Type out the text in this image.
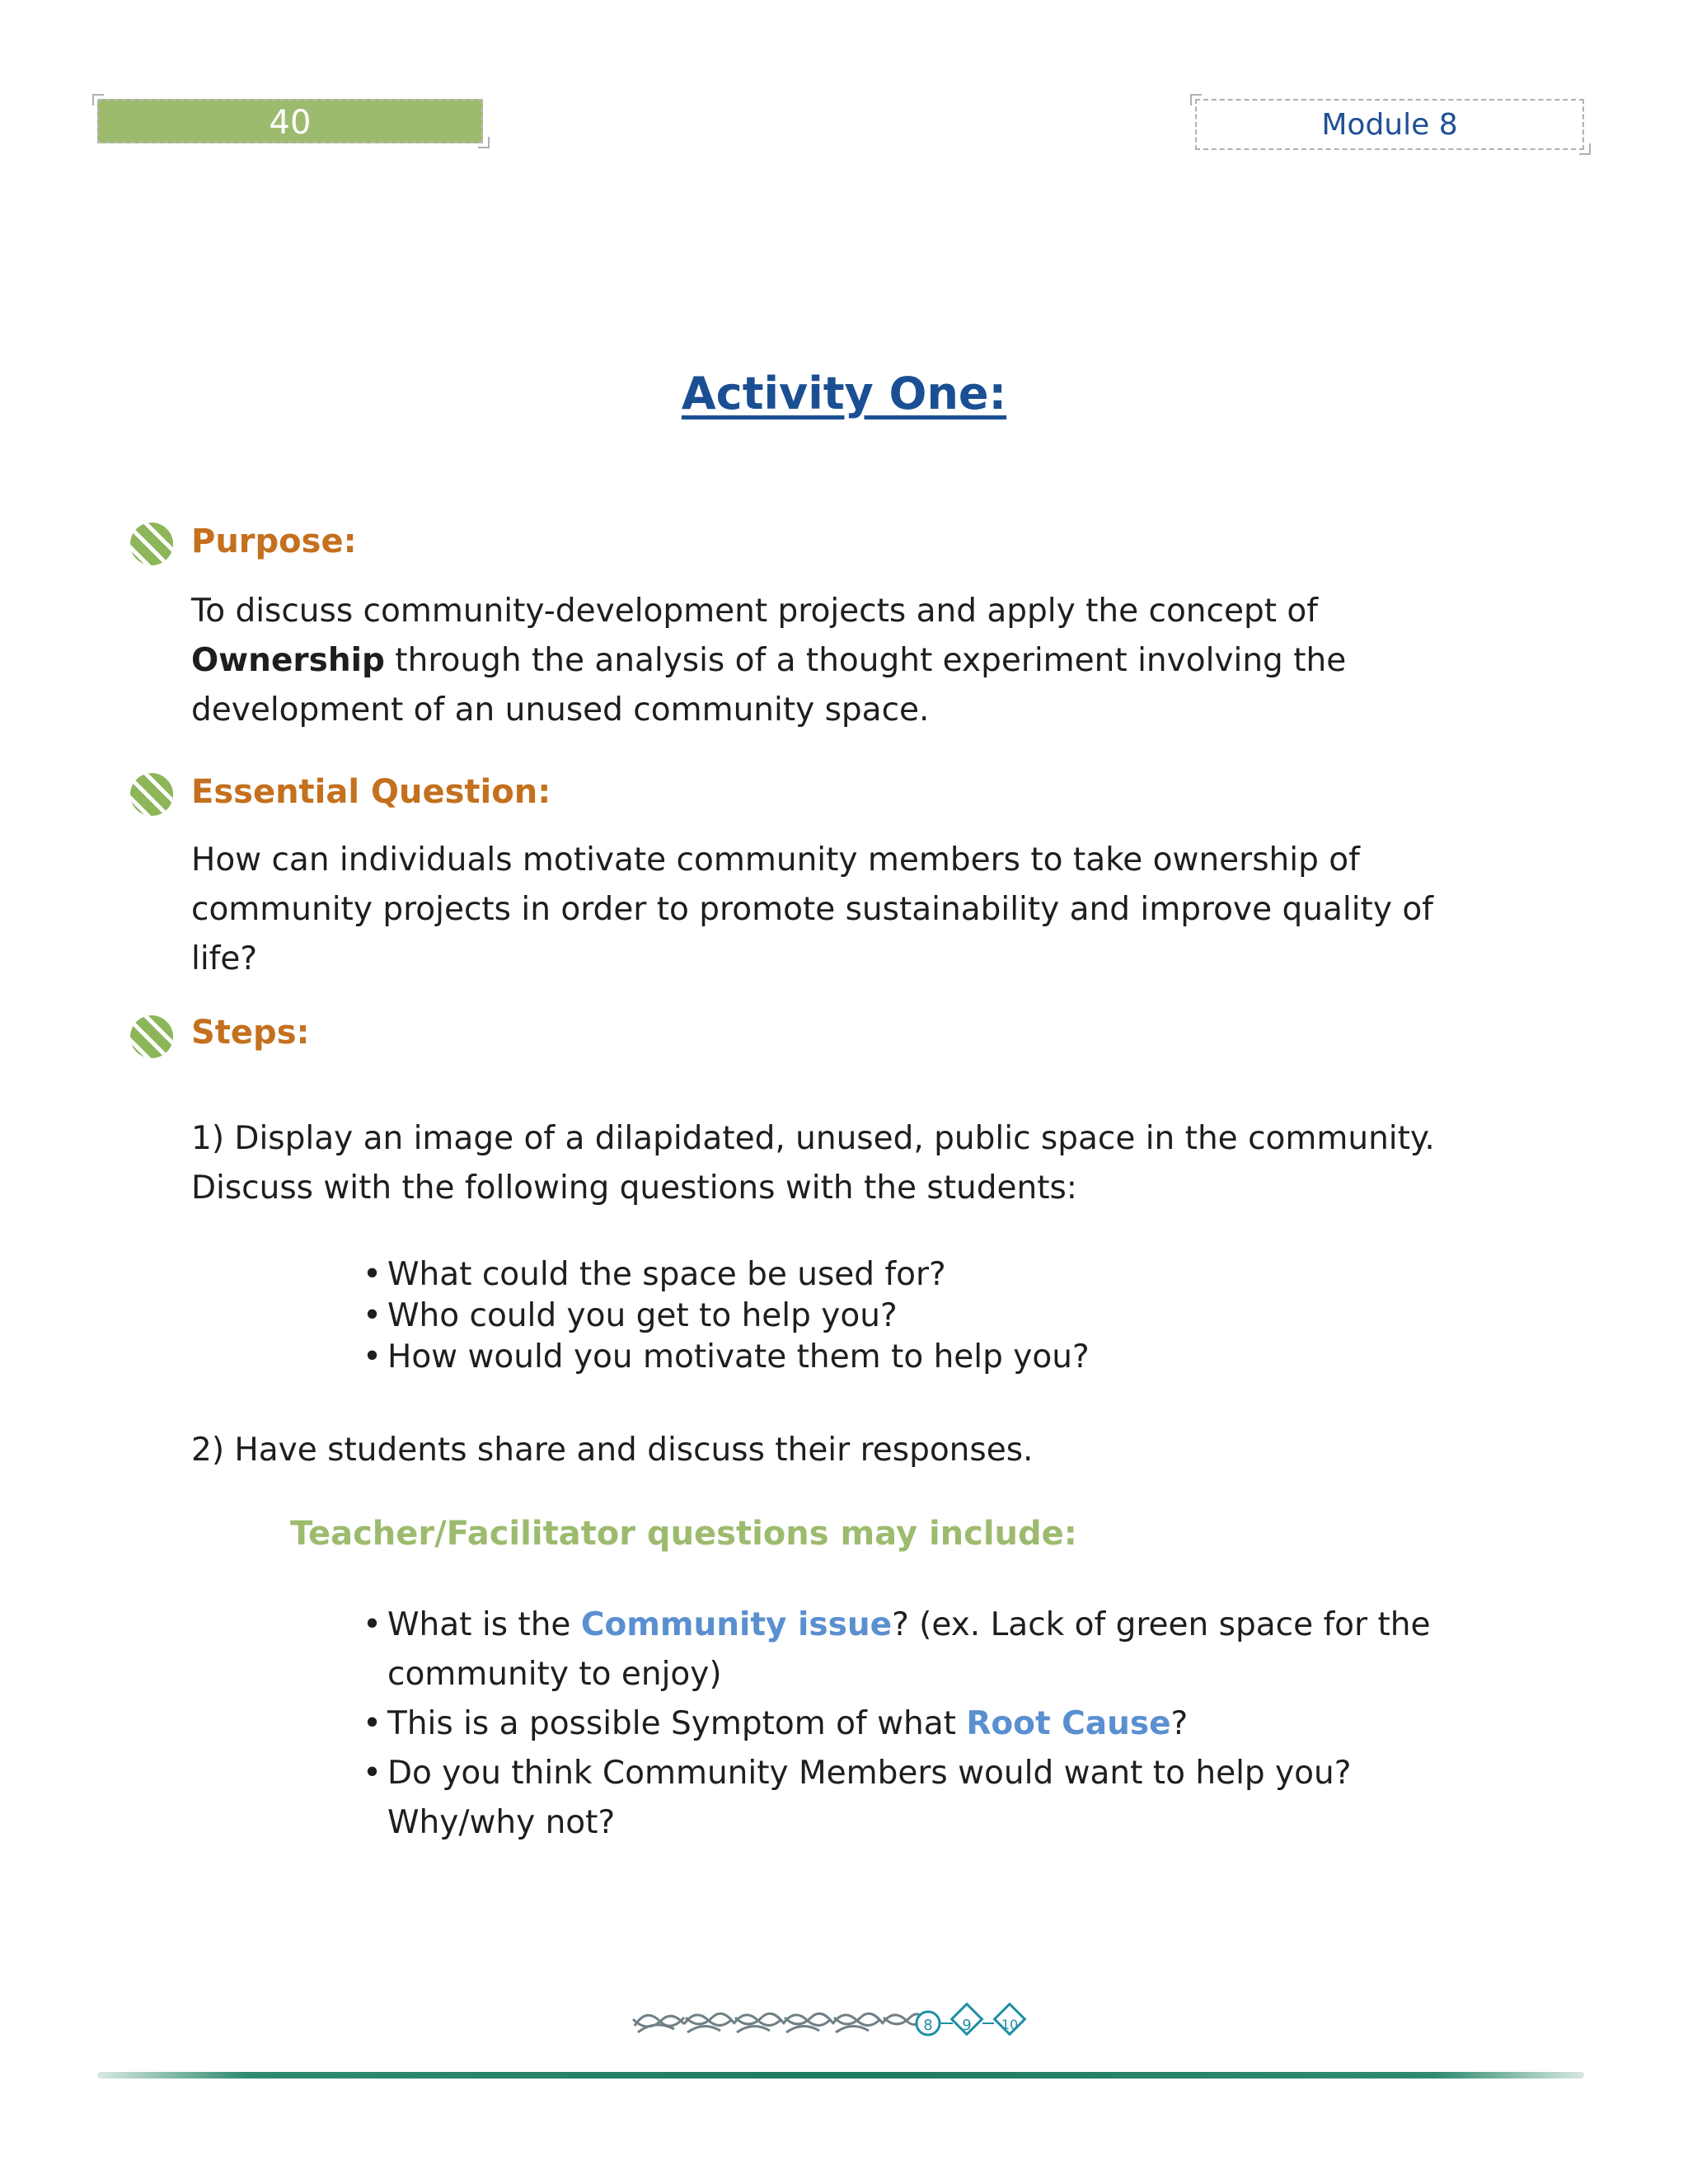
40	Module 8
Activity One:
Purpose:
To discuss community-development projects and apply the concept of
Ownership through the analysis of a thought experiment involving the
development of an unused community space.
Essential Question:
How can individuals motivate community members to take ownership of
community projects in order to promote sustainability and improve quality of
life?
Steps:
1) Display an image of a dilapidated, unused, public space in the community.
Discuss with the following questions with the students:
• What could the space be used for?
• Who could you get to help you?
• How would you motivate them to help you?
2) Have students share and discuss their responses.
Teacher/Facilitator questions may include:
• What is the Community issue? (ex. Lack of green space for the
community to enjoy)
• This is a possible Symptom of what Root Cause?
• Do you think Community Members would want to help you?
Why/why not?
8 9 10
